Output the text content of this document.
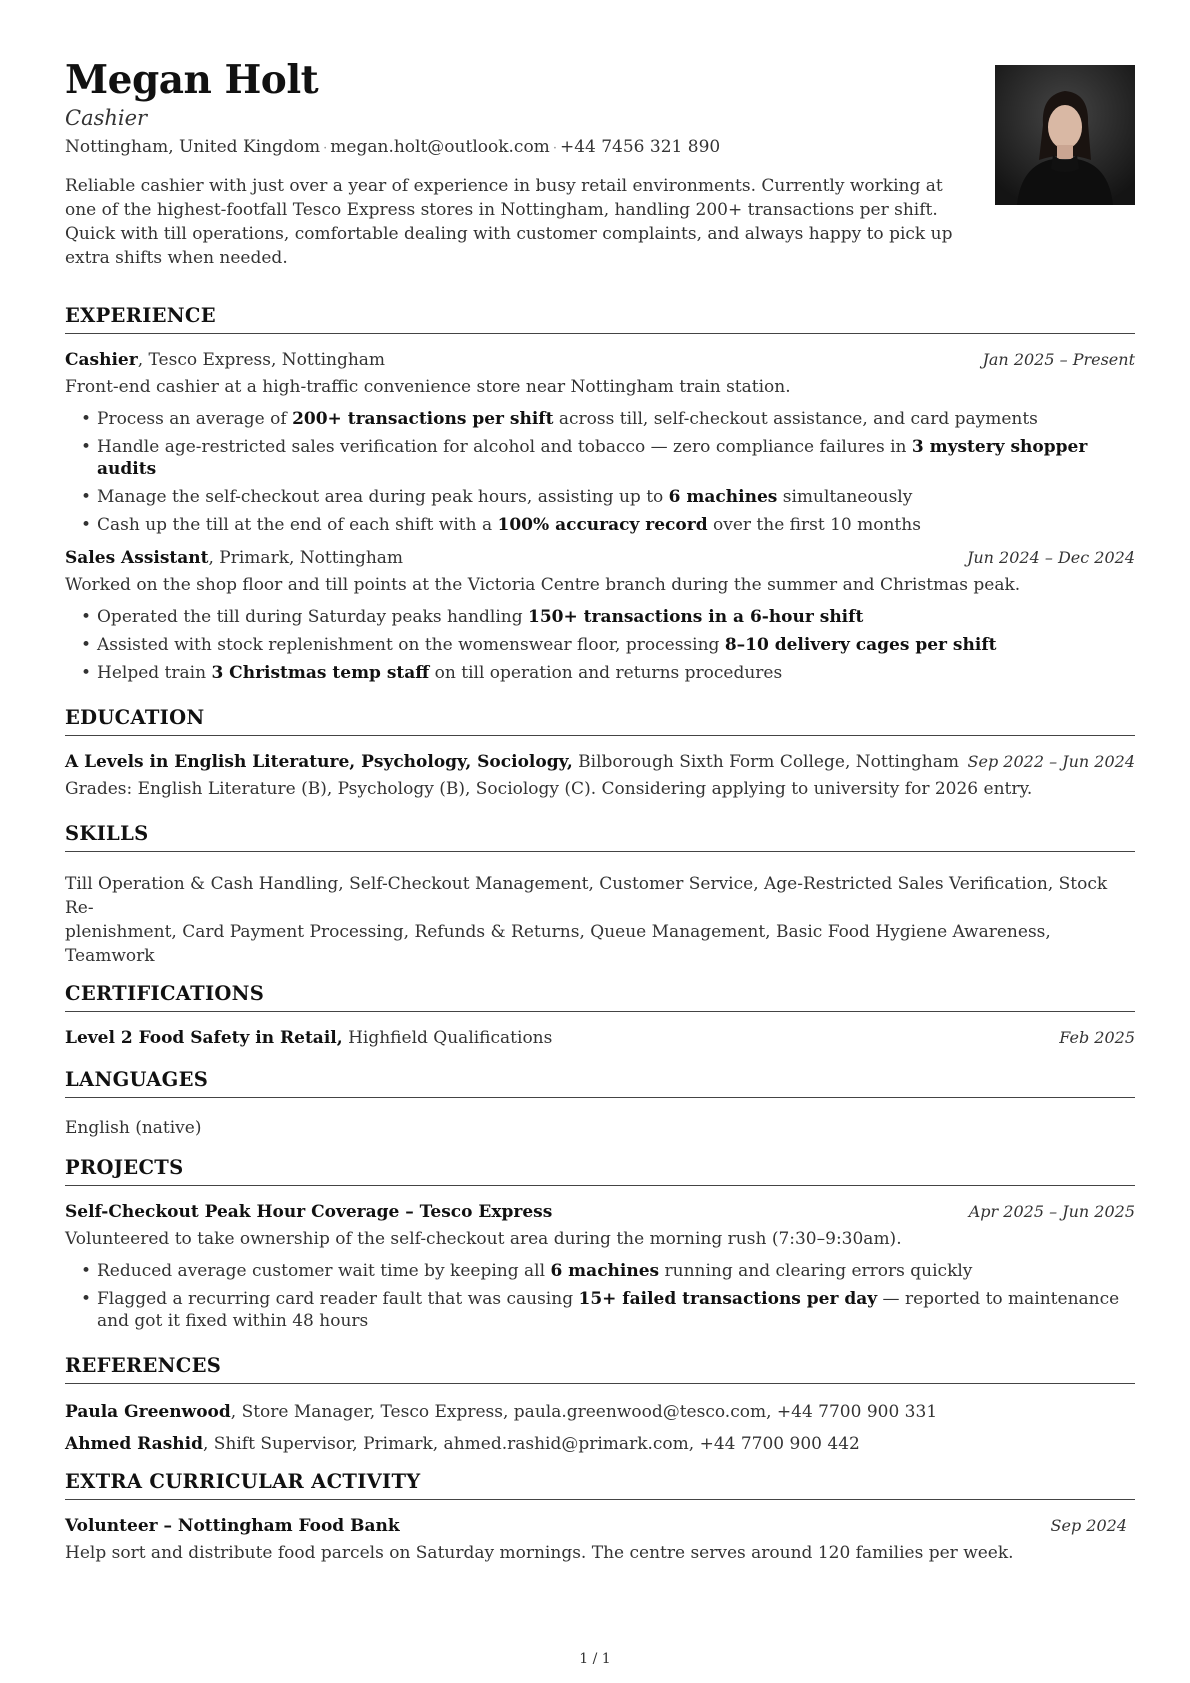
Megan Holt
Cashier
Nottingham, United Kingdom · megan.holt@outlook.com · +44 7456 321 890
Reliable cashier with just over a year of experience in busy retail environments. Currently working at one of the highest-footfall Tesco Express stores in Nottingham, handling 200+ transactions per shift. Quick with till operations, comfortable dealing with customer complaints, and always happy to pick up extra shifts when needed.
EXPERIENCE
Cashier, Tesco Express, Nottingham	Jan 2025 – Present
Front-end cashier at a high-traffic convenience store near Nottingham train station.
• Process an average of 200+ transactions per shift across till, self-checkout assistance, and card payments
• Handle age-restricted sales verification for alcohol and tobacco — zero compliance failures in 3 mystery shopper audits
• Manage the self-checkout area during peak hours, assisting up to 6 machines simultaneously
• Cash up the till at the end of each shift with a 100% accuracy record over the first 10 months
Sales Assistant, Primark, Nottingham	Jun 2024 – Dec 2024
Worked on the shop floor and till points at the Victoria Centre branch during the summer and Christmas peak.
• Operated the till during Saturday peaks handling 150+ transactions in a 6-hour shift
• Assisted with stock replenishment on the womenswear floor, processing 8–10 delivery cages per shift
• Helped train 3 Christmas temp staff on till operation and returns procedures
EDUCATION
A Levels in English Literature, Psychology, Sociology, Bilborough Sixth Form College, Nottingham Sep 2022 – Jun 2024
Grades: English Literature (B), Psychology (B), Sociology (C). Considering applying to university for 2026 entry.
SKILLS
Till Operation & Cash Handling, Self-Checkout Management, Customer Service, Age-Restricted Sales Verification, Stock Re-
plenishment, Card Payment Processing, Refunds & Returns, Queue Management, Basic Food Hygiene Awareness, Teamwork
CERTIFICATIONS
Level 2 Food Safety in Retail, Highfield Qualifications	Feb 2025
LANGUAGES
English (native)
PROJECTS
Self-Checkout Peak Hour Coverage – Tesco Express	Apr 2025 – Jun 2025
Volunteered to take ownership of the self-checkout area during the morning rush (7:30–9:30am).
• Reduced average customer wait time by keeping all 6 machines running and clearing errors quickly
• Flagged a recurring card reader fault that was causing 15+ failed transactions per day — reported to maintenance and got it fixed within 48 hours
REFERENCES
Paula Greenwood, Store Manager, Tesco Express, paula.greenwood@tesco.com, +44 7700 900 331
Ahmed Rashid, Shift Supervisor, Primark, ahmed.rashid@primark.com, +44 7700 900 442
EXTRA CURRICULAR ACTIVITY
Volunteer – Nottingham Food Bank	Sep 2024
Help sort and distribute food parcels on Saturday mornings. The centre serves around 120 families per week.
1 / 1
